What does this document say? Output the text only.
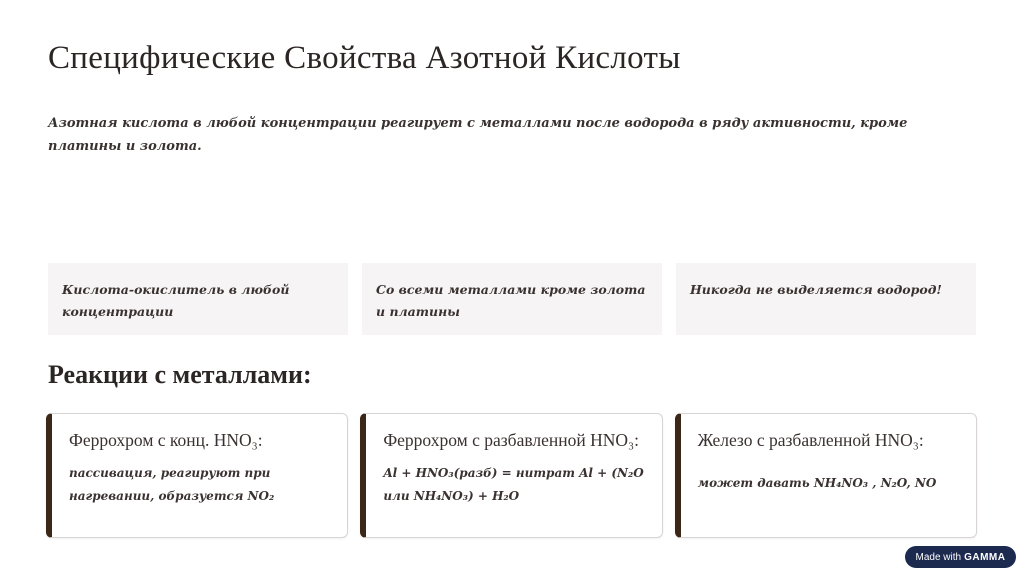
Специфические Свойства Азотной Кислоты

Азотная кислота в любой концентрации реагирует с металлами после водорода в ряду активности, кроме платины и золота.

Кислота-окислитель в любой концентрации
Со всеми металлами кроме золота и платины
Никогда не выделяется водород!
Реакции с металлами:
Феррохром с конц. HNO₃:
пассивация, реагируют при нагревании, образуется NO₂
Феррохром с разбавленной HNO₃:
Al + HNO₃(разб) = нитрат Al + (N₂O или NH₄NO₃) + H₂O
Железо с разбавленной HNO₃:
может давать NH₄NO₃ , N₂O, NO
Made with GAMMA
